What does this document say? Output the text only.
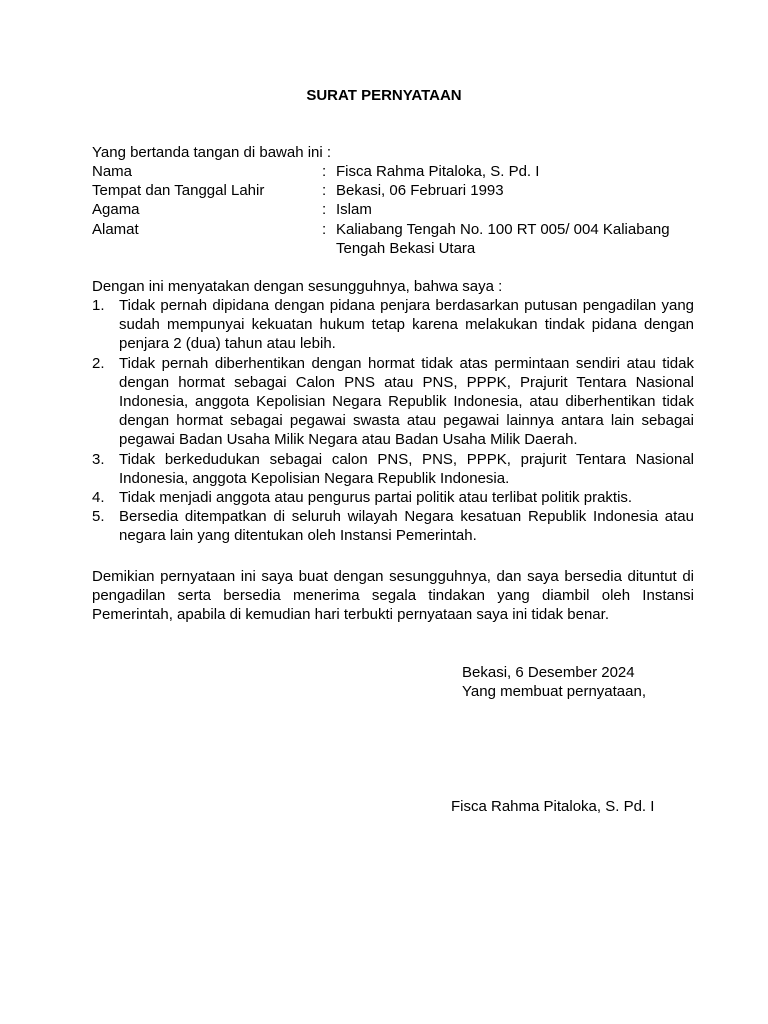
SURAT PERNYATAAN
Yang bertanda tangan di bawah ini :
Nama	: Fisca Rahma Pitaloka, S. Pd. I
Tempat dan Tanggal Lahir	: Bekasi, 06 Februari 1993
Agama	: Islam
Alamat	: Kaliabang Tengah No. 100 RT 005/ 004 Kaliabang Tengah Bekasi Utara
Dengan ini menyatakan dengan sesungguhnya, bahwa saya :
1. Tidak pernah dipidana dengan pidana penjara berdasarkan putusan pengadilan yang sudah mempunyai kekuatan hukum tetap karena melakukan tindak pidana dengan penjara 2 (dua) tahun atau lebih.
2. Tidak pernah diberhentikan dengan hormat tidak atas permintaan sendiri atau tidak dengan hormat sebagai Calon PNS atau PNS, PPPK, Prajurit Tentara Nasional Indonesia, anggota Kepolisian Negara Republik Indonesia, atau diberhentikan tidak dengan hormat sebagai pegawai swasta atau pegawai lainnya antara lain sebagai pegawai Badan Usaha Milik Negara atau Badan Usaha Milik Daerah.
3. Tidak berkedudukan sebagai calon PNS, PNS, PPPK, prajurit Tentara Nasional Indonesia, anggota Kepolisian Negara Republik Indonesia.
4. Tidak menjadi anggota atau pengurus partai politik atau terlibat politik praktis.
5. Bersedia ditempatkan di seluruh wilayah Negara kesatuan Republik Indonesia atau negara lain yang ditentukan oleh Instansi Pemerintah.
Demikian pernyataan ini saya buat dengan sesungguhnya, dan saya bersedia dituntut di pengadilan serta bersedia menerima segala tindakan yang diambil oleh Instansi Pemerintah, apabila di kemudian hari terbukti pernyataan saya ini tidak benar.
Bekasi, 6 Desember 2024
Yang membuat pernyataan,
Fisca Rahma Pitaloka, S. Pd. I
